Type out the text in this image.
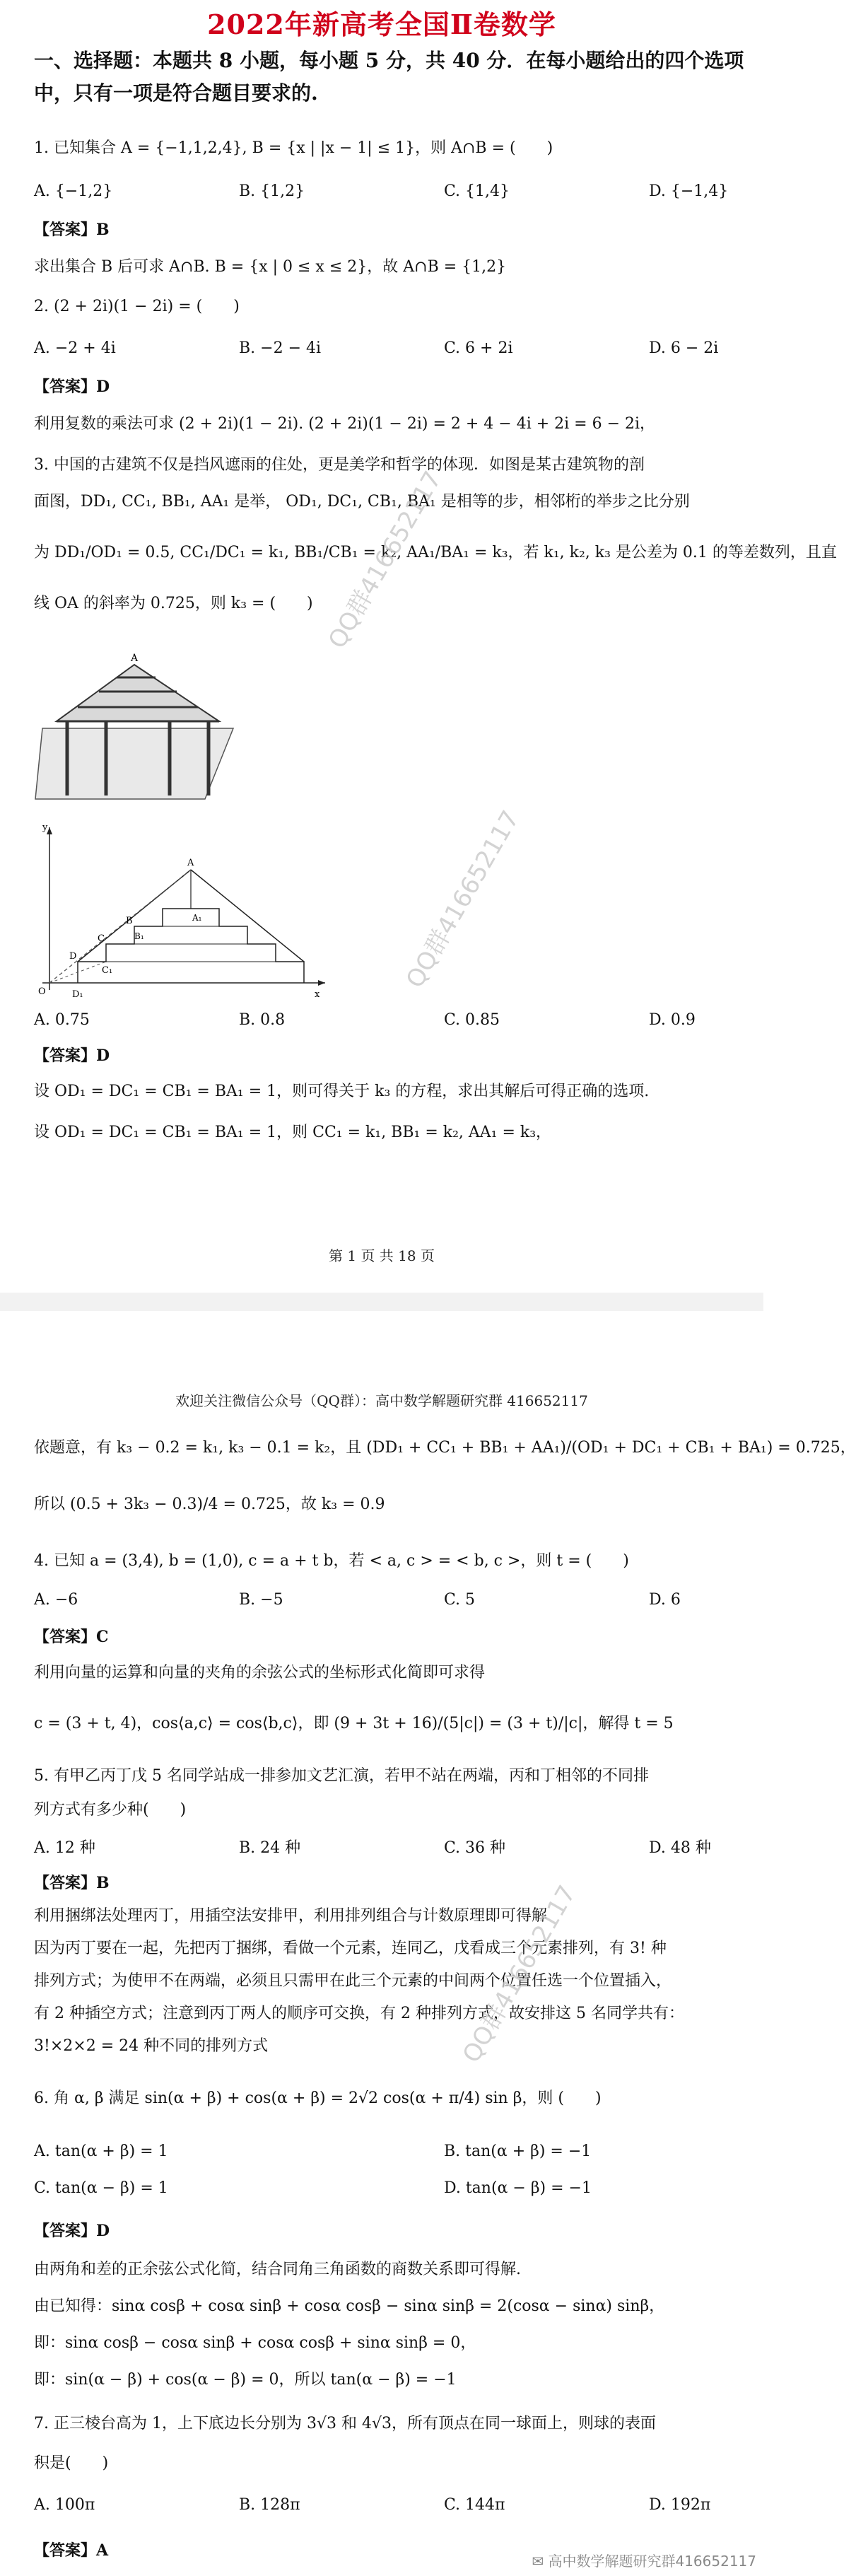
2022年新高考全国Ⅱ卷数学
一、选择题：本题共 8 小题，每小题 5 分，共 40 分．在每小题给出的四个选项
中，只有一项是符合题目要求的.
1. 已知集合 A = {−1,1,2,4}, B = {x | |x − 1| ≤ 1}，则 A∩B = (　　)
A. {−1,2}	B. {1,2}	C. {1,4}	D. {−1,4}
【答案】B
求出集合 B 后可求 A∩B. B = {x | 0 ≤ x ≤ 2}，故 A∩B = {1,2}
2. (2 + 2i)(1 − 2i) = (　　)
A. −2 + 4i	B. −2 − 4i	C. 6 + 2i	D. 6 − 2i
【答案】D
利用复数的乘法可求 (2 + 2i)(1 − 2i). (2 + 2i)(1 − 2i) = 2 + 4 − 4i + 2i = 6 − 2i，
3. 中国的古建筑不仅是挡风遮雨的住处，更是美学和哲学的体现．如图是某古建筑物的剖
面图，DD₁, CC₁, BB₁, AA₁ 是举， OD₁, DC₁, CB₁, BA₁ 是相等的步，相邻桁的举步之比分别
为 DD₁/OD₁ = 0.5, CC₁/DC₁ = k₁, BB₁/CB₁ = k₂, AA₁/BA₁ = k₃，若 k₁, k₂, k₃ 是公差为 0.1 的等差数列，且直
线 OA 的斜率为 0.725，则 k₃ = (　　)
A
y
x
O	D₁
C₁
D
C
B
A
A₁
B₁
A. 0.75	B. 0.8	C. 0.85	D. 0.9
【答案】D
设 OD₁ = DC₁ = CB₁ = BA₁ = 1，则可得关于 k₃ 的方程，求出其解后可得正确的选项.
设 OD₁ = DC₁ = CB₁ = BA₁ = 1，则 CC₁ = k₁, BB₁ = k₂, AA₁ = k₃，
QQ群416652117
QQ群416652117
第 1 页 共 18 页
欢迎关注微信公众号（QQ群）：高中数学解题研究群 416652117
依题意，有 k₃ − 0.2 = k₁, k₃ − 0.1 = k₂，且 (DD₁ + CC₁ + BB₁ + AA₁)/(OD₁ + DC₁ + CB₁ + BA₁) = 0.725，
所以 (0.5 + 3k₃ − 0.3)/4 = 0.725，故 k₃ = 0.9
4. 已知 a = (3,4), b = (1,0), c = a + t b，若 < a, c > = < b, c >，则 t = (　　)
A. −6	B. −5	C. 5	D. 6
【答案】C
利用向量的运算和向量的夹角的余弦公式的坐标形式化简即可求得
c = (3 + t, 4)，cos⟨a,c⟩ = cos⟨b,c⟩，即 (9 + 3t + 16)/(5|c|) = (3 + t)/|c|，解得 t = 5
5. 有甲乙丙丁戊 5 名同学站成一排参加文艺汇演，若甲不站在两端，丙和丁相邻的不同排
列方式有多少种(　　)
A. 12 种	B. 24 种	C. 36 种	D. 48 种
【答案】B
利用捆绑法处理丙丁，用插空法安排甲，利用排列组合与计数原理即可得解
因为丙丁要在一起，先把丙丁捆绑，看做一个元素，连同乙，戊看成三个元素排列，有 3! 种
排列方式；为使甲不在两端，必须且只需甲在此三个元素的中间两个位置任选一个位置插入，
有 2 种插空方式；注意到丙丁两人的顺序可交换，有 2 种排列方式，故安排这 5 名同学共有：
3!×2×2 = 24 种不同的排列方式
6. 角 α, β 满足 sin(α + β) + cos(α + β) = 2√2 cos(α + π/4) sin β，则 (　　)
A. tan(α + β) = 1	B. tan(α + β) = −1
C. tan(α − β) = 1	D. tan(α − β) = −1
【答案】D
由两角和差的正余弦公式化简，结合同角三角函数的商数关系即可得解.
由已知得：sinα cosβ + cosα sinβ + cosα cosβ − sinα sinβ = 2(cosα − sinα) sinβ，
即：sinα cosβ − cosα sinβ + cosα cosβ + sinα sinβ = 0，
即：sin(α − β) + cos(α − β) = 0，所以 tan(α − β) = −1
7. 正三棱台高为 1，上下底边长分别为 3√3 和 4√3，所有顶点在同一球面上，则球的表面
积是(　　)
A. 100π	B. 128π	C. 144π	D. 192π
【答案】A
QQ群416652117
✉ 高中数学解题研究群416652117
